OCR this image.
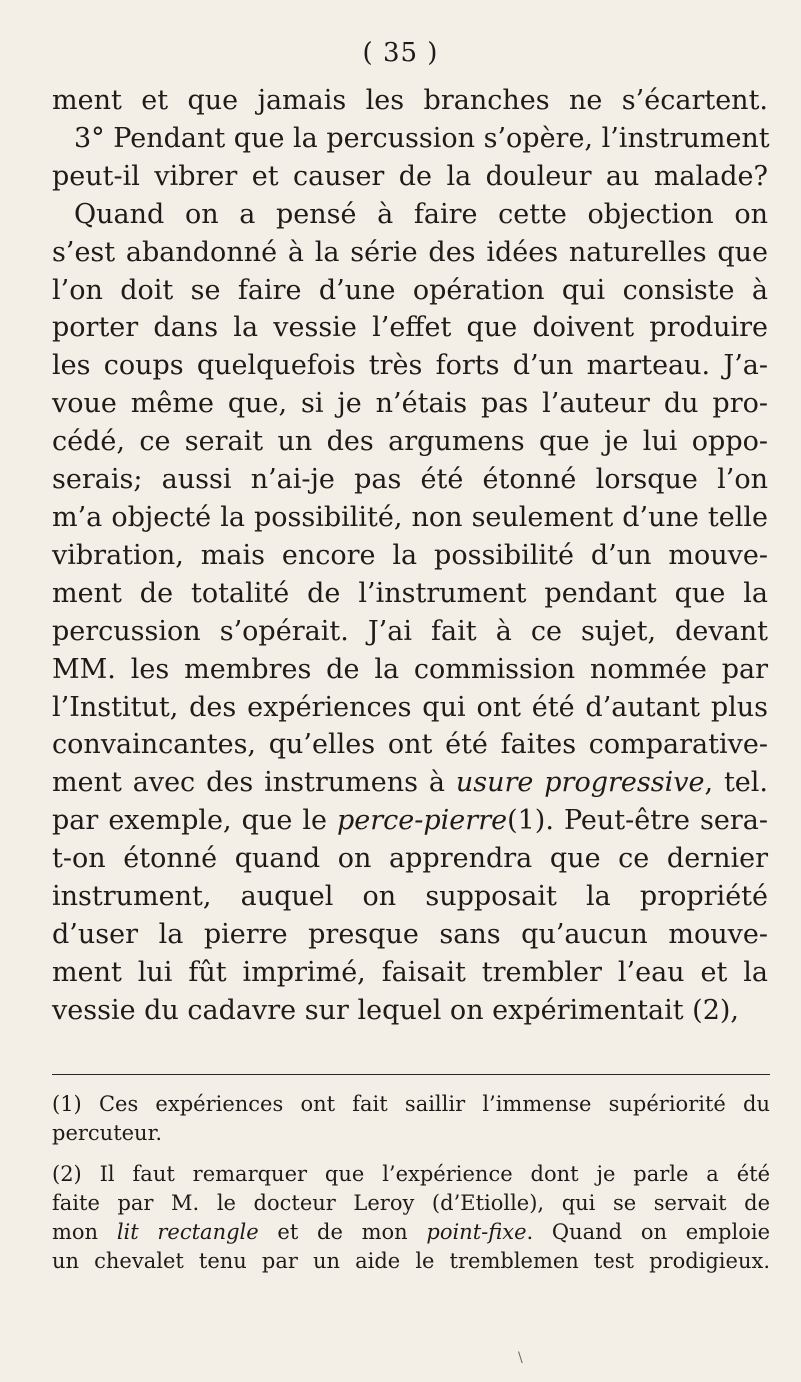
( 35 )
ment et que jamais les branches ne s’écartent.
3° Pendant que la percussion s’opère, l’instrument
peut-il vibrer et causer de la douleur au malade?
Quand on a pensé à faire cette objection on
s’est abandonné à la série des idées naturelles que
l’on doit se faire d’une opération qui consiste à
porter dans la vessie l’effet que doivent produire
les coups quelquefois très forts d’un marteau. J’a-
voue même que, si je n’étais pas l’auteur du pro-
cédé, ce serait un des argumens que je lui oppo-
serais; aussi n’ai-je pas été étonné lorsque l’on
m’a objecté la possibilité, non seulement d’une telle
vibration, mais encore la possibilité d’un mouve-
ment de totalité de l’instrument pendant que la
percussion s’opérait. J’ai fait à ce sujet, devant
MM. les membres de la commission nommée par
l’Institut, des expériences qui ont été d’autant plus
convaincantes, qu’elles ont été faites comparative-
ment avec des instrumens à usure progressive, tel.
par exemple, que le perce-pierre(1). Peut-être sera-
t-on étonné quand on apprendra que ce dernier
instrument, auquel on supposait la propriété
d’user la pierre presque sans qu’aucun mouve-
ment lui fût imprimé, faisait trembler l’eau et la
vessie du cadavre sur lequel on expérimentait (2),
(1) Ces expériences ont fait saillir l’immense supériorité du
percuteur.
(2) Il faut remarquer que l’expérience dont je parle a été
faite par M. le docteur Leroy (d’Etiolle), qui se servait de
mon lit rectangle et de mon point-fixe. Quand on emploie
un chevalet tenu par un aide le tremblemen test prodigieux.
\
